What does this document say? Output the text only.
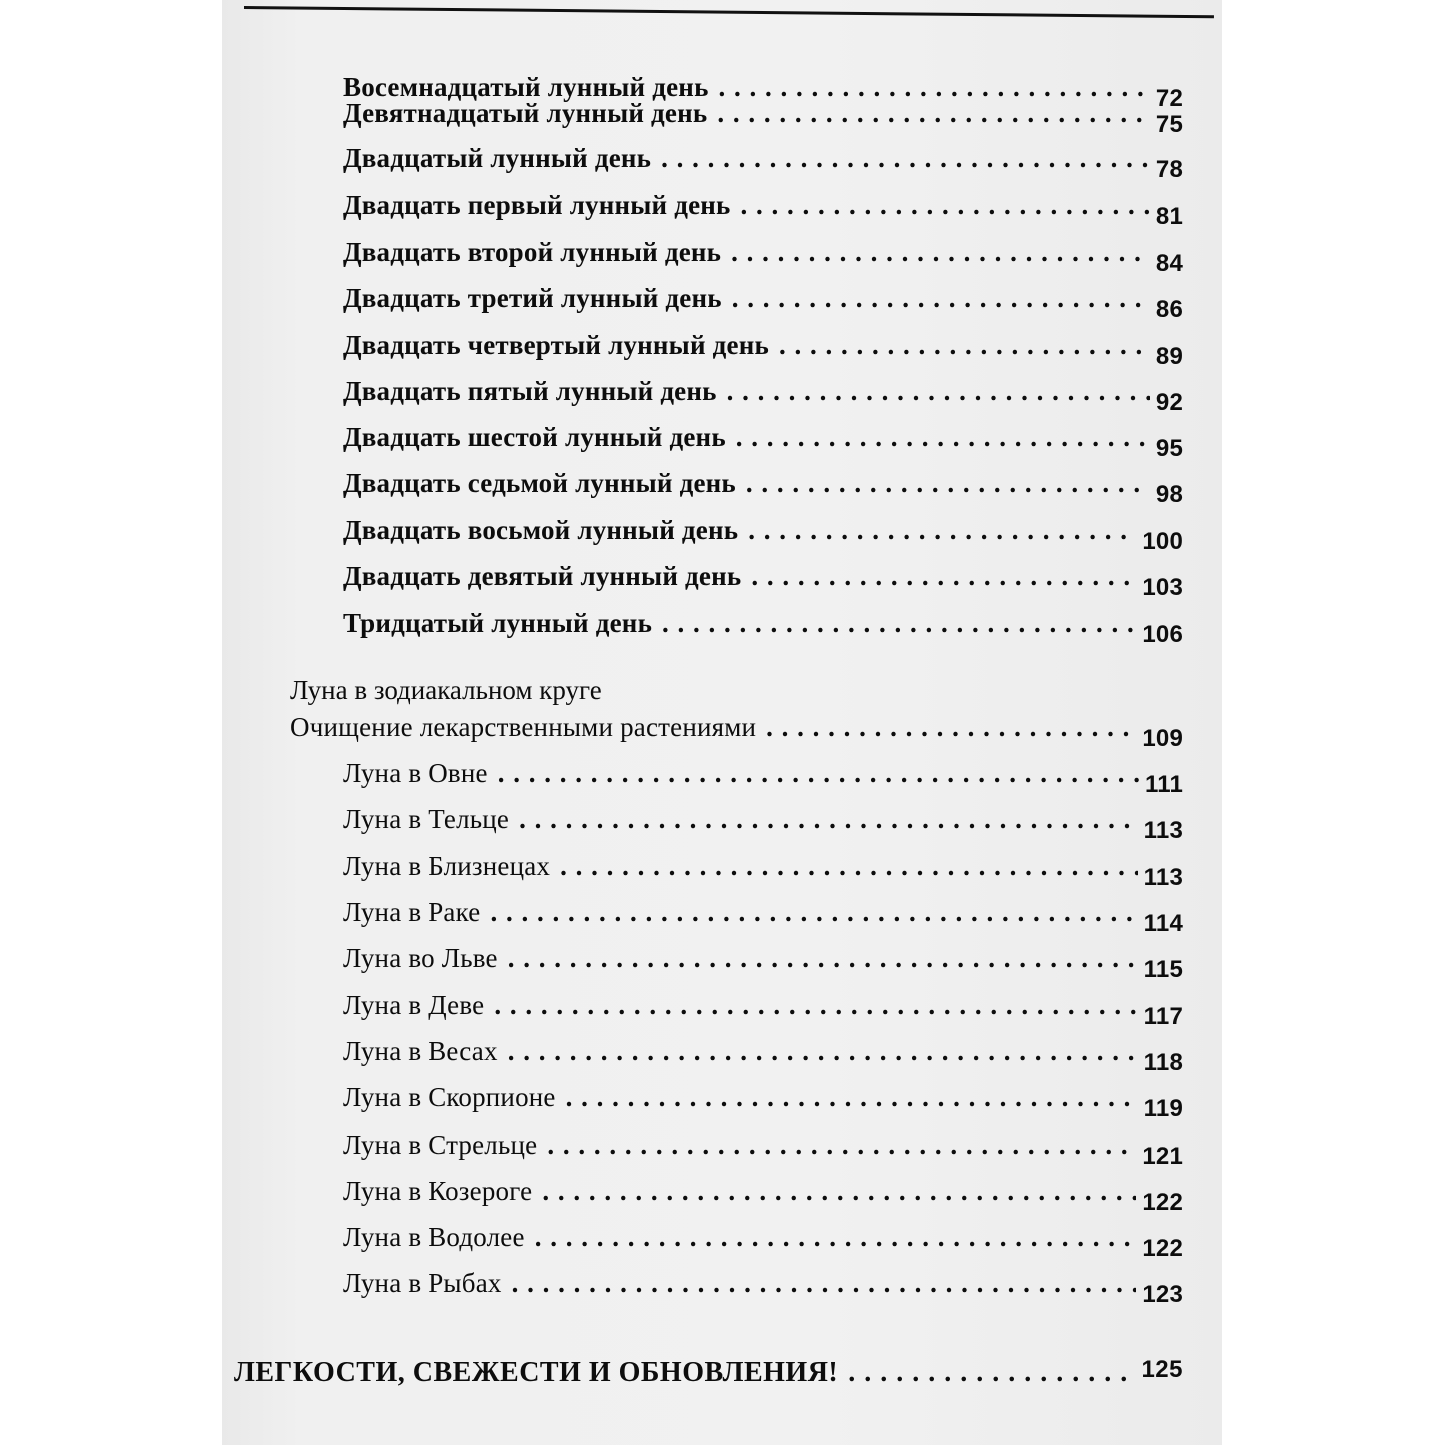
Восемнадцатый лунный день . . .	72
Девятнадцатый лунный день . . .	75
Двадцатый лунный день . . .	78
Двадцать первый лунный день . . .	81
Двадцать второй лунный день . . .	84
Двадцать третий лунный день . . .	86
Двадцать четвертый лунный день . . .	89
Двадцать пятый лунный день . . .	92
Двадцать шестой лунный день . . .	95
Двадцать седьмой лунный день . . .	98
Двадцать восьмой лунный день . . .	100
Двадцать девятый лунный день . . .	103
Тридцатый лунный день . . .	106
Луна в зодиакальном круге
Очищение лекарственными растениями . . .	109
Луна в Овне . . .	111
Луна в Тельце . . .	113
Луна в Близнецах . . .	113
Луна в Раке . . .	114
Луна во Льве . . .	115
Луна в Деве . . .	117
Луна в Весах . . .	118
Луна в Скорпионе . . .	119
Луна в Стрельце . . .	121
Луна в Козероге . . .	122
Луна в Водолее . . .	122
Луна в Рыбах . . .	123
ЛЕГКОСТИ, СВЕЖЕСТИ И ОБНОВЛЕНИЯ! . . .	125
